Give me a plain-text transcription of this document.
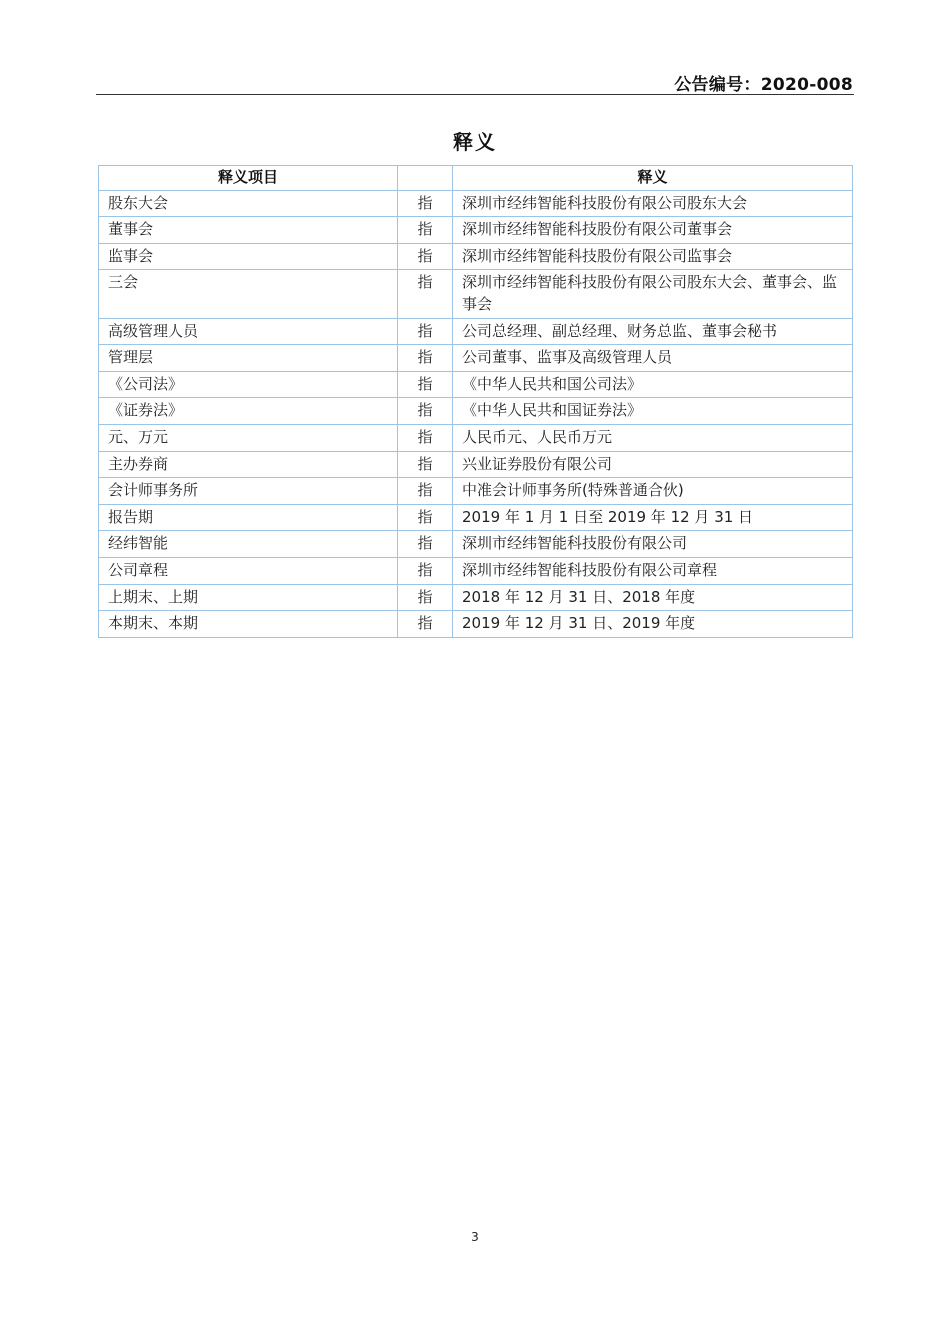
公告编号：2020-008
释义
释义项目		释义
股东大会	指	深圳市经纬智能科技股份有限公司股东大会
董事会	指	深圳市经纬智能科技股份有限公司董事会
监事会	指	深圳市经纬智能科技股份有限公司监事会
三会	指	深圳市经纬智能科技股份有限公司股东大会、董事会、监事会
高级管理人员	指	公司总经理、副总经理、财务总监、董事会秘书
管理层	指	公司董事、监事及高级管理人员
《公司法》	指	《中华人民共和国公司法》
《证券法》	指	《中华人民共和国证券法》
元、万元	指	人民币元、人民币万元
主办券商	指	兴业证券股份有限公司
会计师事务所	指	中准会计师事务所(特殊普通合伙)
报告期	指	2019 年 1 月 1 日至 2019 年 12 月 31 日
经纬智能	指	深圳市经纬智能科技股份有限公司
公司章程	指	深圳市经纬智能科技股份有限公司章程
上期末、上期	指	2018 年 12 月 31 日、2018 年度
本期末、本期	指	2019 年 12 月 31 日、2019 年度
3
